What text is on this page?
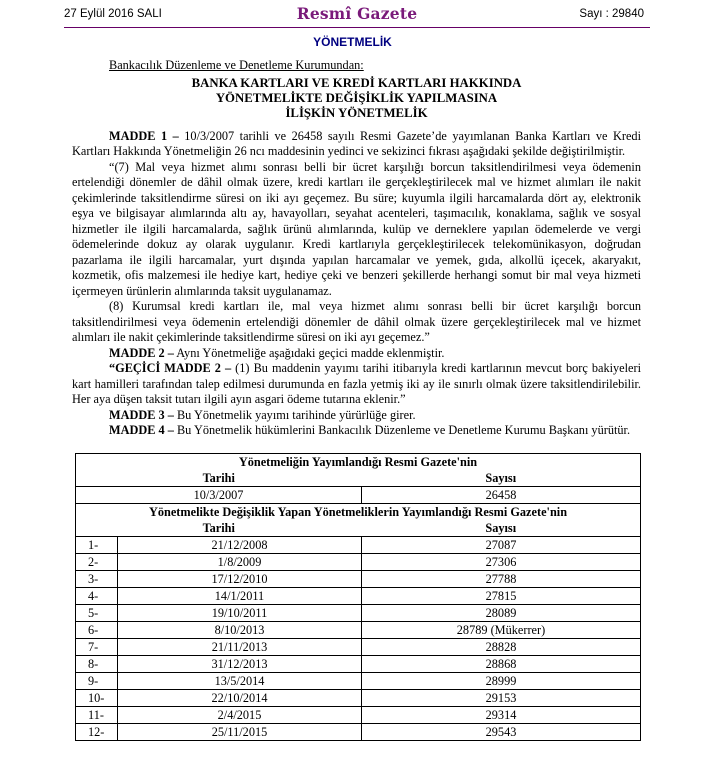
27 Eylül 2016 SALI	Resmî Gazete	Sayı : 29840
YÖNETMELİK
Bankacılık Düzenleme ve Denetleme Kurumundan:
BANKA KARTLARI VE KREDİ KARTLARI HAKKINDA
YÖNETMELİKTE DEĞİŞİKLİK YAPILMASINA
İLİŞKİN YÖNETMELİK

MADDE 1 – 10/3/2007 tarihli ve 26458 sayılı Resmi Gazete’de yayımlanan Banka Kartları ve Kredi Kartları Hakkında Yönetmeliğin 26 ncı maddesinin yedinci ve sekizinci fıkrası aşağıdaki şekilde değiştirilmiştir.

“(7) Mal veya hizmet alımı sonrası belli bir ücret karşılığı borcun taksitlendirilmesi veya ödemenin ertelendiği dönemler de dâhil olmak üzere, kredi kartları ile gerçekleştirilecek mal ve hizmet alımları ile nakit çekimlerinde taksitlendirme süresi on iki ayı geçemez. Bu süre; kuyumla ilgili harcamalarda dört ay, elektronik eşya ve bilgisayar alımlarında altı ay, havayolları, seyahat acenteleri, taşımacılık, konaklama, sağlık ve sosyal hizmetler ile ilgili harcamalarda, sağlık ürünü alımlarında, kulüp ve derneklere yapılan ödemelerde ve vergi ödemelerinde dokuz ay olarak uygulanır. Kredi kartlarıyla gerçekleştirilecek telekomünikasyon, doğrudan pazarlama ile ilgili harcamalar, yurt dışında yapılan harcamalar ve yemek, gıda, alkollü içecek, akaryakıt, kozmetik, ofis malzemesi ile hediye kart, hediye çeki ve benzeri şekillerde herhangi somut bir mal veya hizmeti içermeyen ürünlerin alımlarında taksit uygulanamaz.

(8) Kurumsal kredi kartları ile, mal veya hizmet alımı sonrası belli bir ücret karşılığı borcun taksitlendirilmesi veya ödemenin ertelendiği dönemler de dâhil olmak üzere gerçekleştirilecek mal ve hizmet alımları ile nakit çekimlerinde taksitlendirme süresi on iki ayı geçemez.”

MADDE 2 – Aynı Yönetmeliğe aşağıdaki geçici madde eklenmiştir.

“GEÇİCİ MADDE 2 – (1) Bu maddenin yayımı tarihi itibarıyla kredi kartlarının mevcut borç bakiyeleri kart hamilleri tarafından talep edilmesi durumunda en fazla yetmiş iki ay ile sınırlı olmak üzere taksitlendirilebilir. Her aya düşen taksit tutarı ilgili ayın asgari ödeme tutarına eklenir.”

MADDE 3 – Bu Yönetmelik yayımı tarihinde yürürlüğe girer.

MADDE 4 – Bu Yönetmelik hükümlerini Bankacılık Düzenleme ve Denetleme Kurumu Başkanı yürütür.

Yönetmeliğin Yayımlandığı Resmi Gazete'nin		
Tarihi		Sayısı
10/3/2007		26458
Yönetmelikte Değişiklik Yapan Yönetmeliklerin Yayımlandığı Resmi Gazete'nin		
Tarihi		Sayısı
1-	21/12/2008	27087
2-	1/8/2009	27306
3-	17/12/2010	27788
4-	14/1/2011	27815
5-	19/10/2011	28089
6-	8/10/2013	28789 (Mükerrer)
7-	21/11/2013	28828
8-	31/12/2013	28868
9-	13/5/2014	28999
10-	22/10/2014	29153
11-	2/4/2015	29314
12-	25/11/2015	29543
